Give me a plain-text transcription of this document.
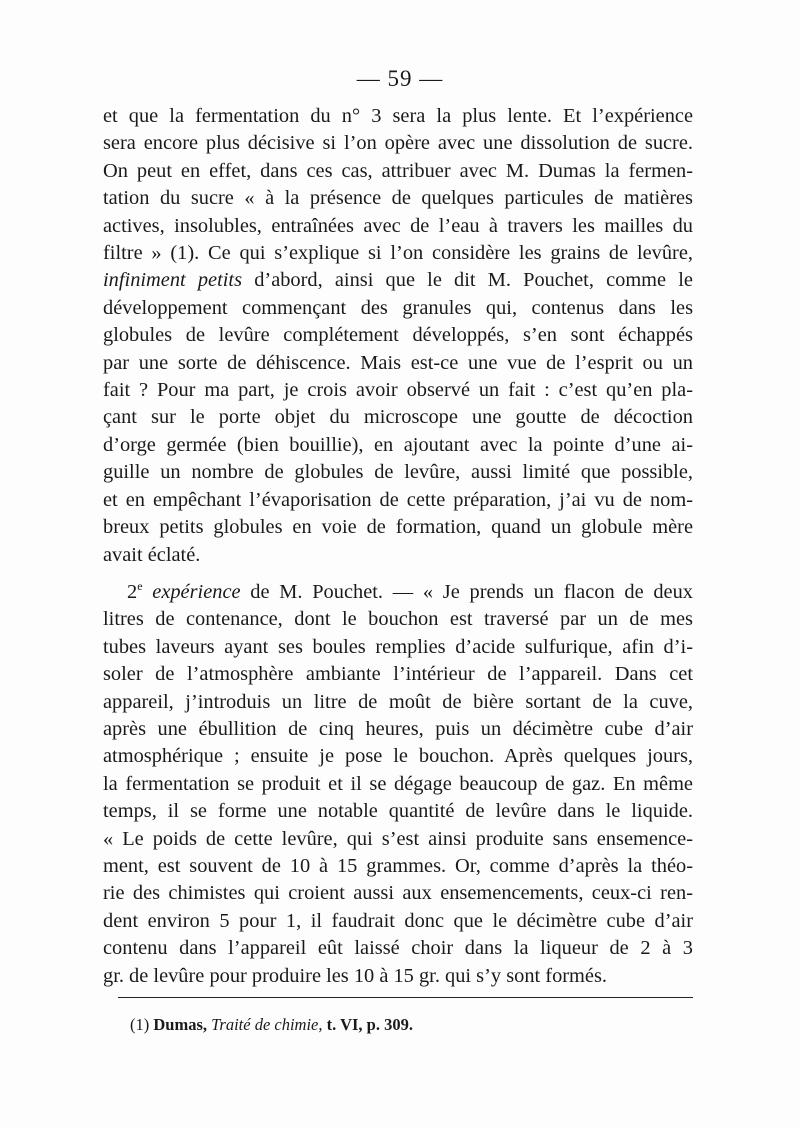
— 59 —

et que la fermentation du n° 3 sera la plus lente. Et l’expérience
sera encore plus décisive si l’on opère avec une dissolution de sucre.
On peut en effet, dans ces cas, attribuer avec M. Dumas la fermen-
tation du sucre « à la présence de quelques particules de matières
actives, insolubles, entraînées avec de l’eau à travers les mailles du
filtre » (1). Ce qui s’explique si l’on considère les grains de levûre,
infiniment petits d’abord, ainsi que le dit M. Pouchet, comme le
développement commençant des granules qui, contenus dans les
globules de levûre complétement développés, s’en sont échappés
par une sorte de déhiscence. Mais est-ce une vue de l’esprit ou un
fait ? Pour ma part, je crois avoir observé un fait : c’est qu’en pla-
çant sur le porte objet du microscope une goutte de décoction
d’orge germée (bien bouillie), en ajoutant avec la pointe d’une ai-
guille un nombre de globules de levûre, aussi limité que possible,
et en empêchant l’évaporisation de cette préparation, j’ai vu de nom-
breux petits globules en voie de formation, quand un globule mère
avait éclaté.

2e expérience de M. Pouchet. — « Je prends un flacon de deux
litres de contenance, dont le bouchon est traversé par un de mes
tubes laveurs ayant ses boules remplies d’acide sulfurique, afin d’i-
soler de l’atmosphère ambiante l’intérieur de l’appareil. Dans cet
appareil, j’introduis un litre de moût de bière sortant de la cuve,
après une ébullition de cinq heures, puis un décimètre cube d’air
atmosphérique ; ensuite je pose le bouchon. Après quelques jours,
la fermentation se produit et il se dégage beaucoup de gaz. En même
temps, il se forme une notable quantité de levûre dans le liquide.
« Le poids de cette levûre, qui s’est ainsi produite sans ensemence-
ment, est souvent de 10 à 15 grammes. Or, comme d’après la théo-
rie des chimistes qui croient aussi aux ensemencements, ceux-ci ren-
dent environ 5 pour 1, il faudrait donc que le décimètre cube d’air
contenu dans l’appareil eût laissé choir dans la liqueur de 2 à 3
gr. de levûre pour produire les 10 à 15 gr. qui s’y sont formés.

(1) Dumas, Traité de chimie, t. VI, p. 309.
